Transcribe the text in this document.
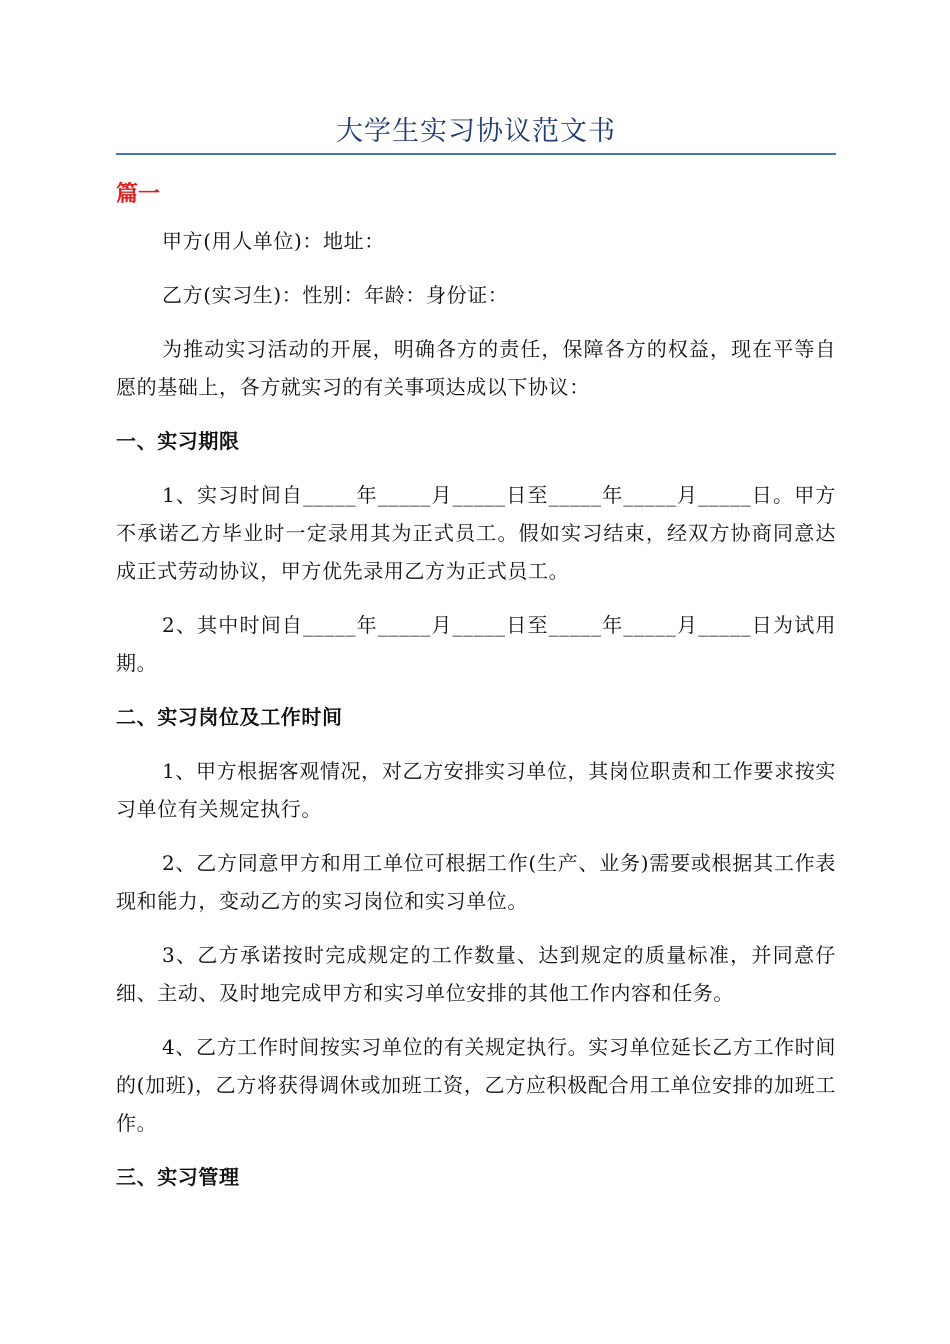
大学生实习协议范文书
篇一

甲方(用人单位)：地址：

乙方(实习生)：性别：年龄：身份证：

为推动实习活动的开展，明确各方的责任，保障各方的权益，现在平等自愿的基础上，各方就实习的有关事项达成以下协议：

一、实习期限

1、实习时间自_____年_____月_____日至_____年_____月_____日。甲方不承诺乙方毕业时一定录用其为正式员工。假如实习结束，经双方协商同意达成正式劳动协议，甲方优先录用乙方为正式员工。

2、其中时间自_____年_____月_____日至_____年_____月_____日为试用期。

二、实习岗位及工作时间

1、甲方根据客观情况，对乙方安排实习单位，其岗位职责和工作要求按实习单位有关规定执行。

2、乙方同意甲方和用工单位可根据工作(生产、业务)需要或根据其工作表现和能力，变动乙方的实习岗位和实习单位。

3、乙方承诺按时完成规定的工作数量、达到规定的质量标准，并同意仔细、主动、及时地完成甲方和实习单位安排的其他工作内容和任务。

4、乙方工作时间按实习单位的有关规定执行。实习单位延长乙方工作时间的(加班)，乙方将获得调休或加班工资，乙方应积极配合用工单位安排的加班工作。

三、实习管理
